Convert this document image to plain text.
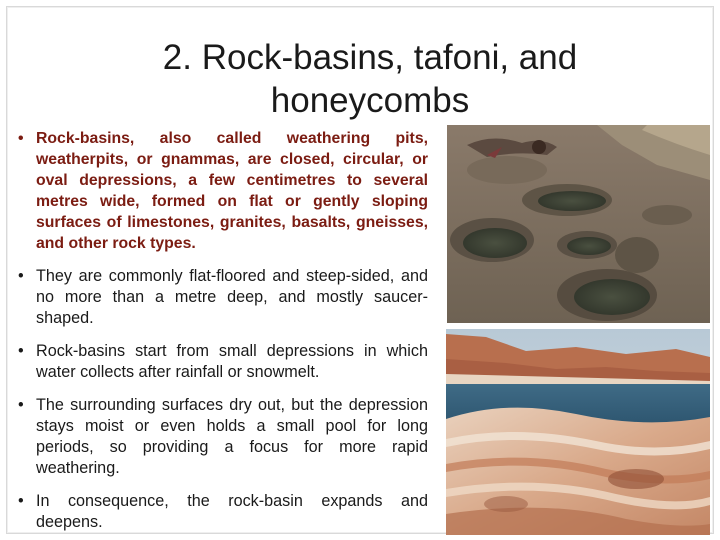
2. Rock-basins, tafoni, and honeycombs
• Rock-basins, also called weathering pits, weatherpits, or gnammas, are closed, circular, or oval depressions, a few centimetres to several metres wide, formed on flat or gently sloping surfaces of limestones, granites, basalts, gneisses, and other rock types.
• They are commonly flat-floored and steep-sided, and no more than a metre deep, and mostly saucer-shaped.
• Rock-basins start from small depressions in which water collects after rainfall or snowmelt.
• The surrounding surfaces dry out, but the depression stays moist or even holds a small pool for long periods, so providing a focus for more rapid weathering.
• In consequence, the rock-basin expands and deepens.
